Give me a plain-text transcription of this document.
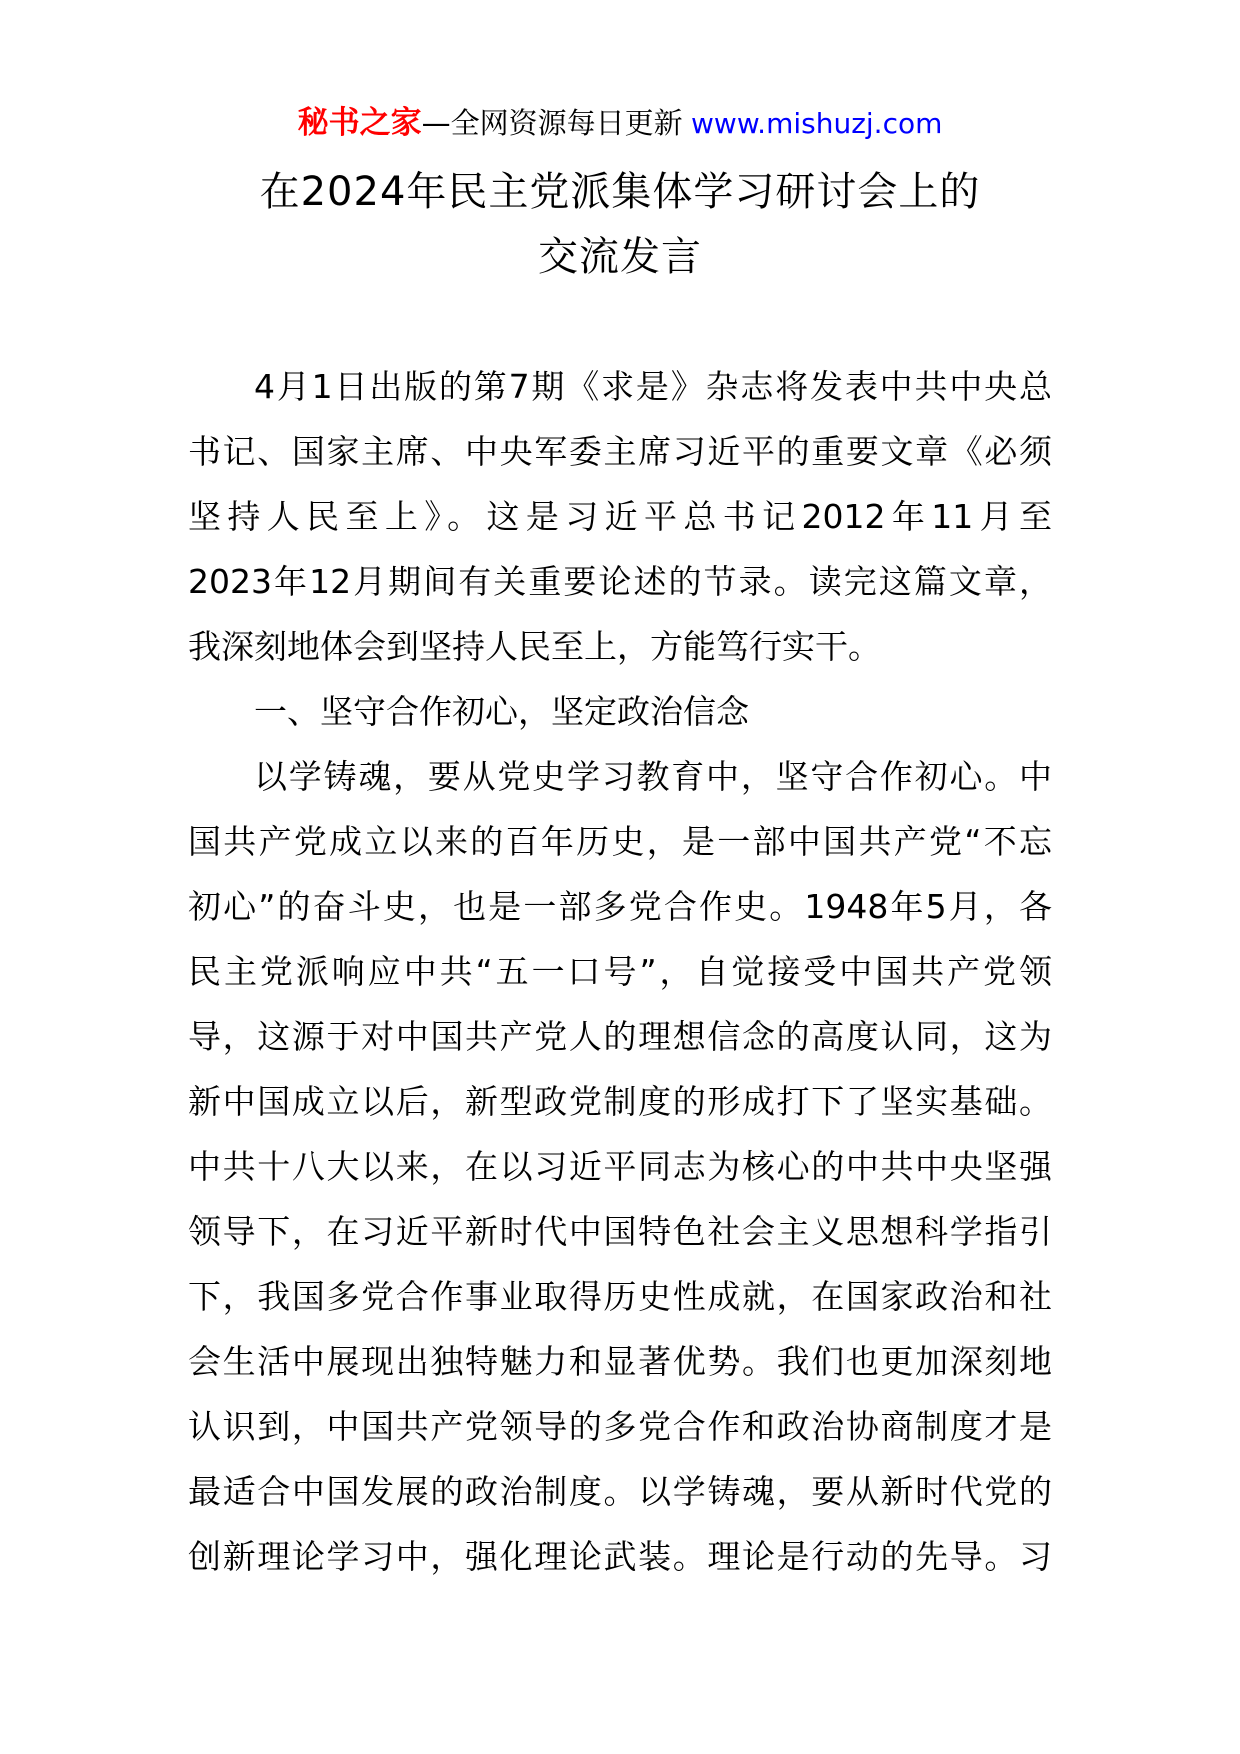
秘书之家—全网资源每日更新 www.mishuzj.com
在2024年民主党派集体学习研讨会上的
交流发言
4月1日出版的第7期《求是》杂志将发表中共中央总
书记、国家主席、中央军委主席习近平的重要文章《必须
坚持人民至上》。这是习近平总书记2012年11月至
2023年12月期间有关重要论述的节录。读完这篇文章，
我深刻地体会到坚持人民至上，方能笃行实干。
一、坚守合作初心，坚定政治信念
以学铸魂，要从党史学习教育中，坚守合作初心。中
国共产党成立以来的百年历史，是一部中国共产党“不忘
初心”的奋斗史，也是一部多党合作史。1948年5月，各
民主党派响应中共“五一口号”，自觉接受中国共产党领
导，这源于对中国共产党人的理想信念的高度认同，这为
新中国成立以后，新型政党制度的形成打下了坚实基础。
中共十八大以来，在以习近平同志为核心的中共中央坚强
领导下，在习近平新时代中国特色社会主义思想科学指引
下，我国多党合作事业取得历史性成就，在国家政治和社
会生活中展现出独特魅力和显著优势。我们也更加深刻地
认识到，中国共产党领导的多党合作和政治协商制度才是
最适合中国发展的政治制度。以学铸魂，要从新时代党的
创新理论学习中，强化理论武装。理论是行动的先导。习
